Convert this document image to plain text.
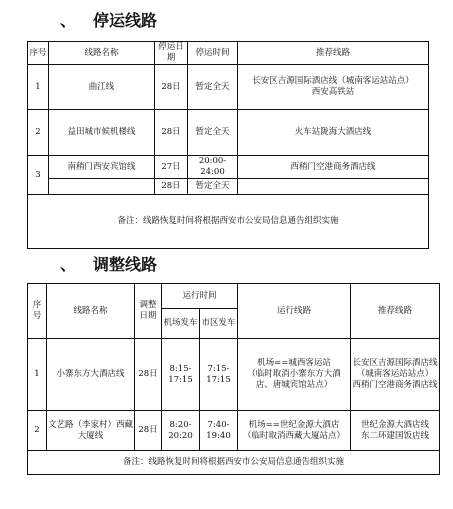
、 停运线路
序号	线路名称	停运日期	停运时间	推荐线路
1	曲江线	28日	暂定全天	长安区吉源国际酒店线（城南客运站站点）
西安高铁站
2	益田城市候机楼线	28日	暂定全天	火车站陇海大酒店线
3	南稍门西安宾馆线	27日	20:00-24:00	西稍门空港商务酒店线
		28日	暂定全天	
备注：线路恢复时间将根据西安市公安局信息通告组织实施				
、 调整线路
序号	线路名称	调整日期	运行时间		运行线路	推荐线路
			机场发车	市区发车		
1	小寨东方大酒店线	28日	8:15-17:15	7:15-17:15	机场==城西客运站
（临时取消小寨东方大酒店、唐城宾馆站点）	长安区吉源国际酒店线
（城南客运站站点）
西稍门空港商务酒店线
2	文艺路（李家村）西藏大厦线	28日	8:20-20:20	7:40-19:40	机场==世纪金源大酒店
（临时取消西藏大厦站点）	世纪金源大酒店线
东二环建国饭店线
备注：线路恢复时间将根据西安市公安局信息通告组织实施						
